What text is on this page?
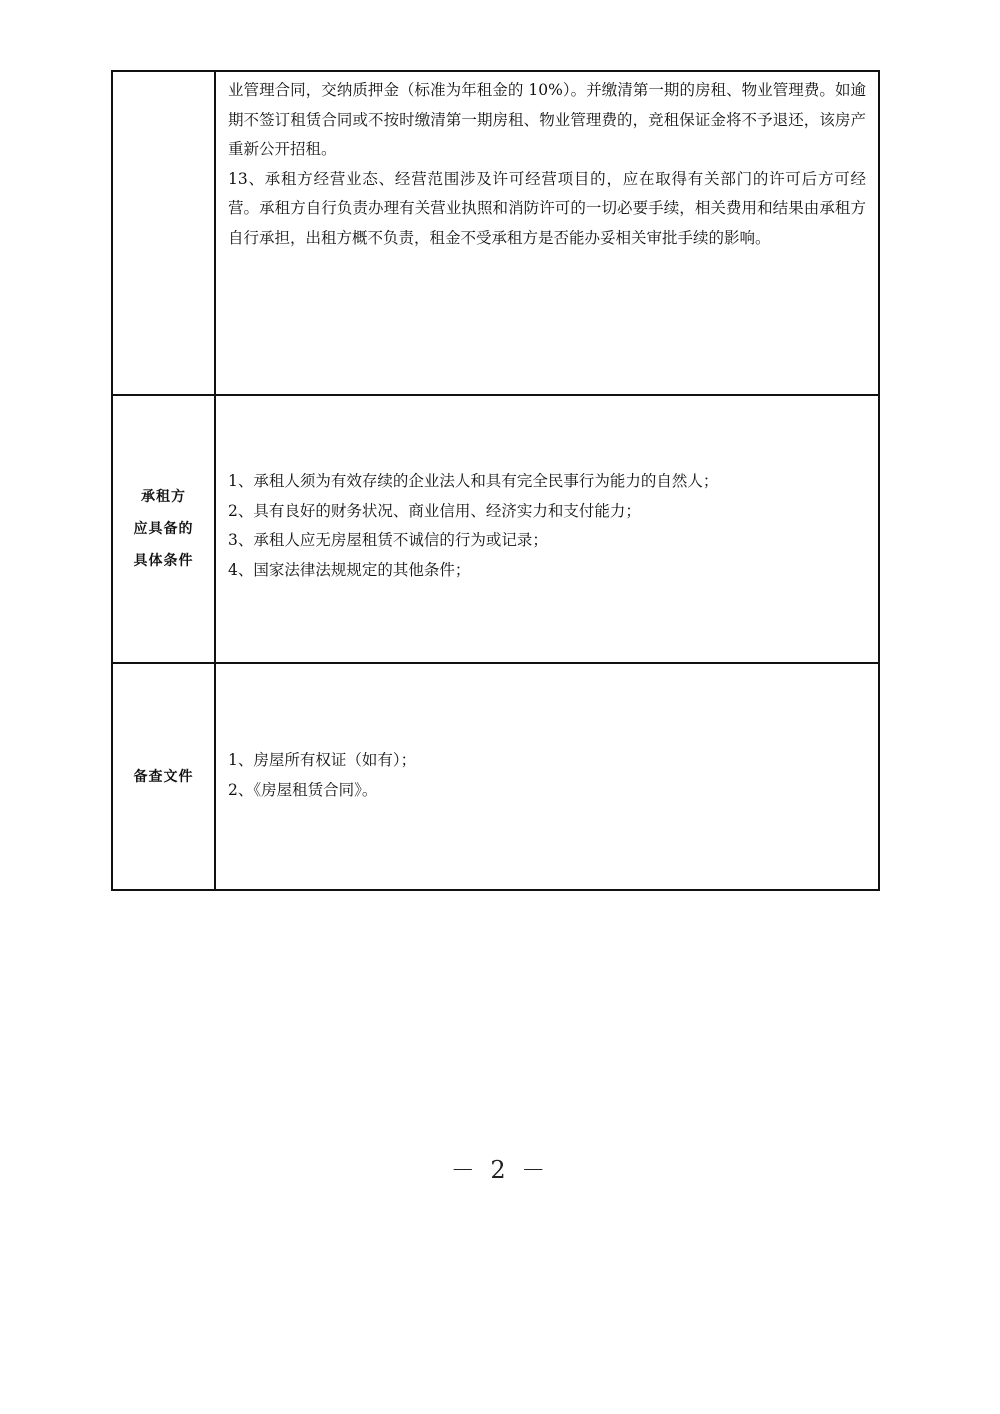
	业管理合同，交纳质押金（标准为年租金的 10%）。并缴清第一期的房租、物业管理费。如逾期不签订租赁合同或不按时缴清第一期房租、物业管理费的，竞租保证金将不予退还，该房产重新公开招租。
13、承租方经营业态、经营范围涉及许可经营项目的，应在取得有关部门的许可后方可经营。承租方自行负责办理有关营业执照和消防许可的一切必要手续，相关费用和结果由承租方自行承担，出租方概不负责，租金不受承租方是否能办妥相关审批手续的影响。

承租方
应具备的
具体条件	1、承租人须为有效存续的企业法人和具有完全民事行为能力的自然人；
2、具有良好的财务状况、商业信用、经济实力和支付能力；
3、承租人应无房屋租赁不诚信的行为或记录；
4、国家法律法规规定的其他条件；

备查文件	1、房屋所有权证（如有）；
2、《房屋租赁合同》。
－ 2 －
